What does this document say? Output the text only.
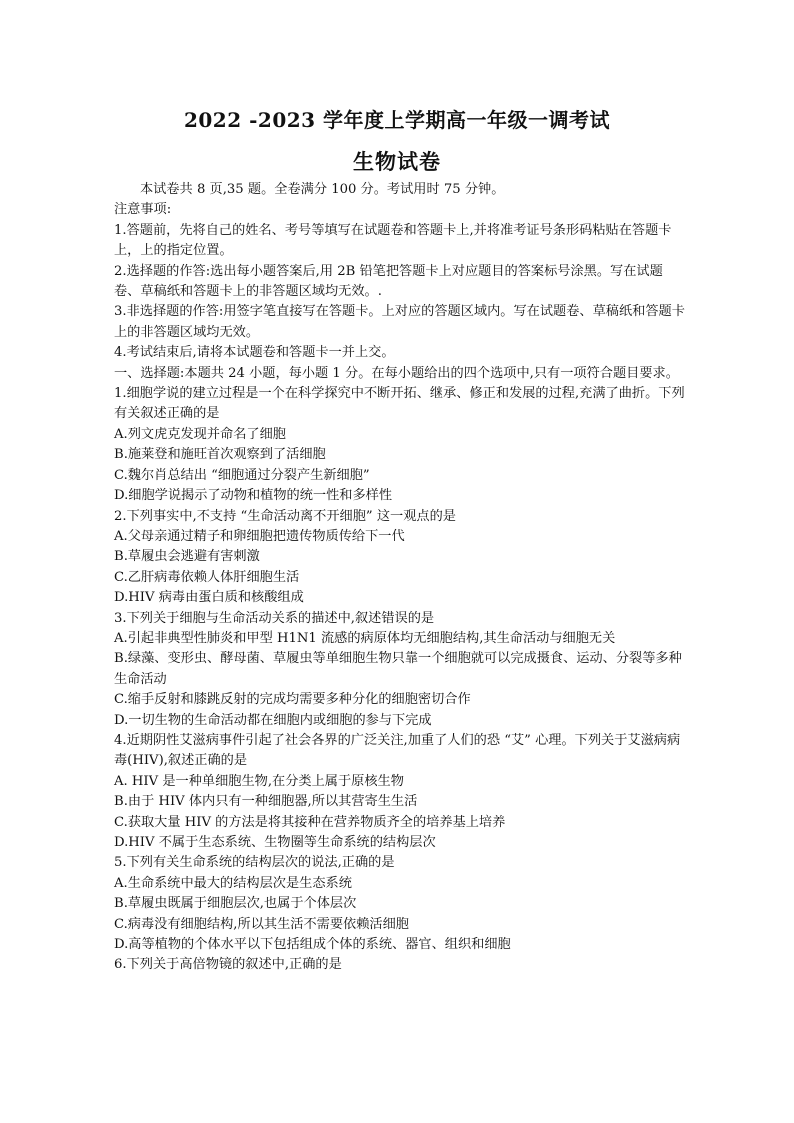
2022 -2023 学年度上学期高一年级一调考试
生物试卷
本试卷共 8 页,35 题。全卷满分 100 分。考试用时 75 分钟。
注意事项:
1.答题前，先将自己的姓名、考号等填写在试题卷和答题卡上,并将准考证号条形码粘贴在答题卡上，上的指定位置。
2.选择题的作答:选出每小题答案后,用 2B 铅笔把答题卡上对应题目的答案标号涂黑。写在试题卷、草稿纸和答题卡上的非答题区域均无效。.
3.非选择题的作答:用签字笔直接写在答题卡。上对应的答题区域内。写在试题卷、草稿纸和答题卡上的非答题区域均无效。
4.考试结束后,请将本试题卷和答题卡一并上交。
一、选择题:本题共 24 小题，每小题 1 分。在每小题给出的四个选项中,只有一项符合题目要求。
1.细胞学说的建立过程是一个在科学探究中不断开拓、继承、修正和发展的过程,充满了曲折。下列有关叙述正确的是
A.列文虎克发现并命名了细胞
B.施莱登和施旺首次观察到了活细胞
C.魏尔肖总结出 “细胞通过分裂产生新细胞”
D.细胞学说揭示了动物和植物的统一性和多样性
2.下列事实中,不支持 “生命活动离不开细胞” 这一观点的是
A.父母亲通过精子和卵细胞把遗传物质传给下一代
B.草履虫会逃避有害刺激
C.乙肝病毒依赖人体肝细胞生活
D.HIV 病毒由蛋白质和核酸组成
3.下列关于细胞与生命活动关系的描述中,叙述错误的是
A.引起非典型性肺炎和甲型 H1N1 流感的病原体均无细胞结构,其生命活动与细胞无关
B.绿藻、变形虫、酵母菌、草履虫等单细胞生物只靠一个细胞就可以完成摄食、运动、分裂等多种生命活动
C.缩手反射和膝跳反射的完成均需要多种分化的细胞密切合作
D.一切生物的生命活动都在细胞内或细胞的参与下完成
4.近期阴性艾滋病事件引起了社会各界的广泛关注,加重了人们的恐 “艾” 心理。下列关于艾滋病病毒(HIV),叙述正确的是
A. HIV 是一种单细胞生物,在分类上属于原核生物
B.由于 HIV 体内只有一种细胞器,所以其营寄生生活
C.获取大量 HIV 的方法是将其接种在营养物质齐全的培养基上培养
D.HIV 不属于生态系统、生物圈等生命系统的结构层次
5.下列有关生命系统的结构层次的说法,正确的是
A.生命系统中最大的结构层次是生态系统
B.草履虫既属于细胞层次,也属于个体层次
C.病毒没有细胞结构,所以其生活不需要依赖活细胞
D.高等植物的个体水平以下包括组成个体的系统、器官、组织和细胞
6.下列关于高倍物镜的叙述中,正确的是
